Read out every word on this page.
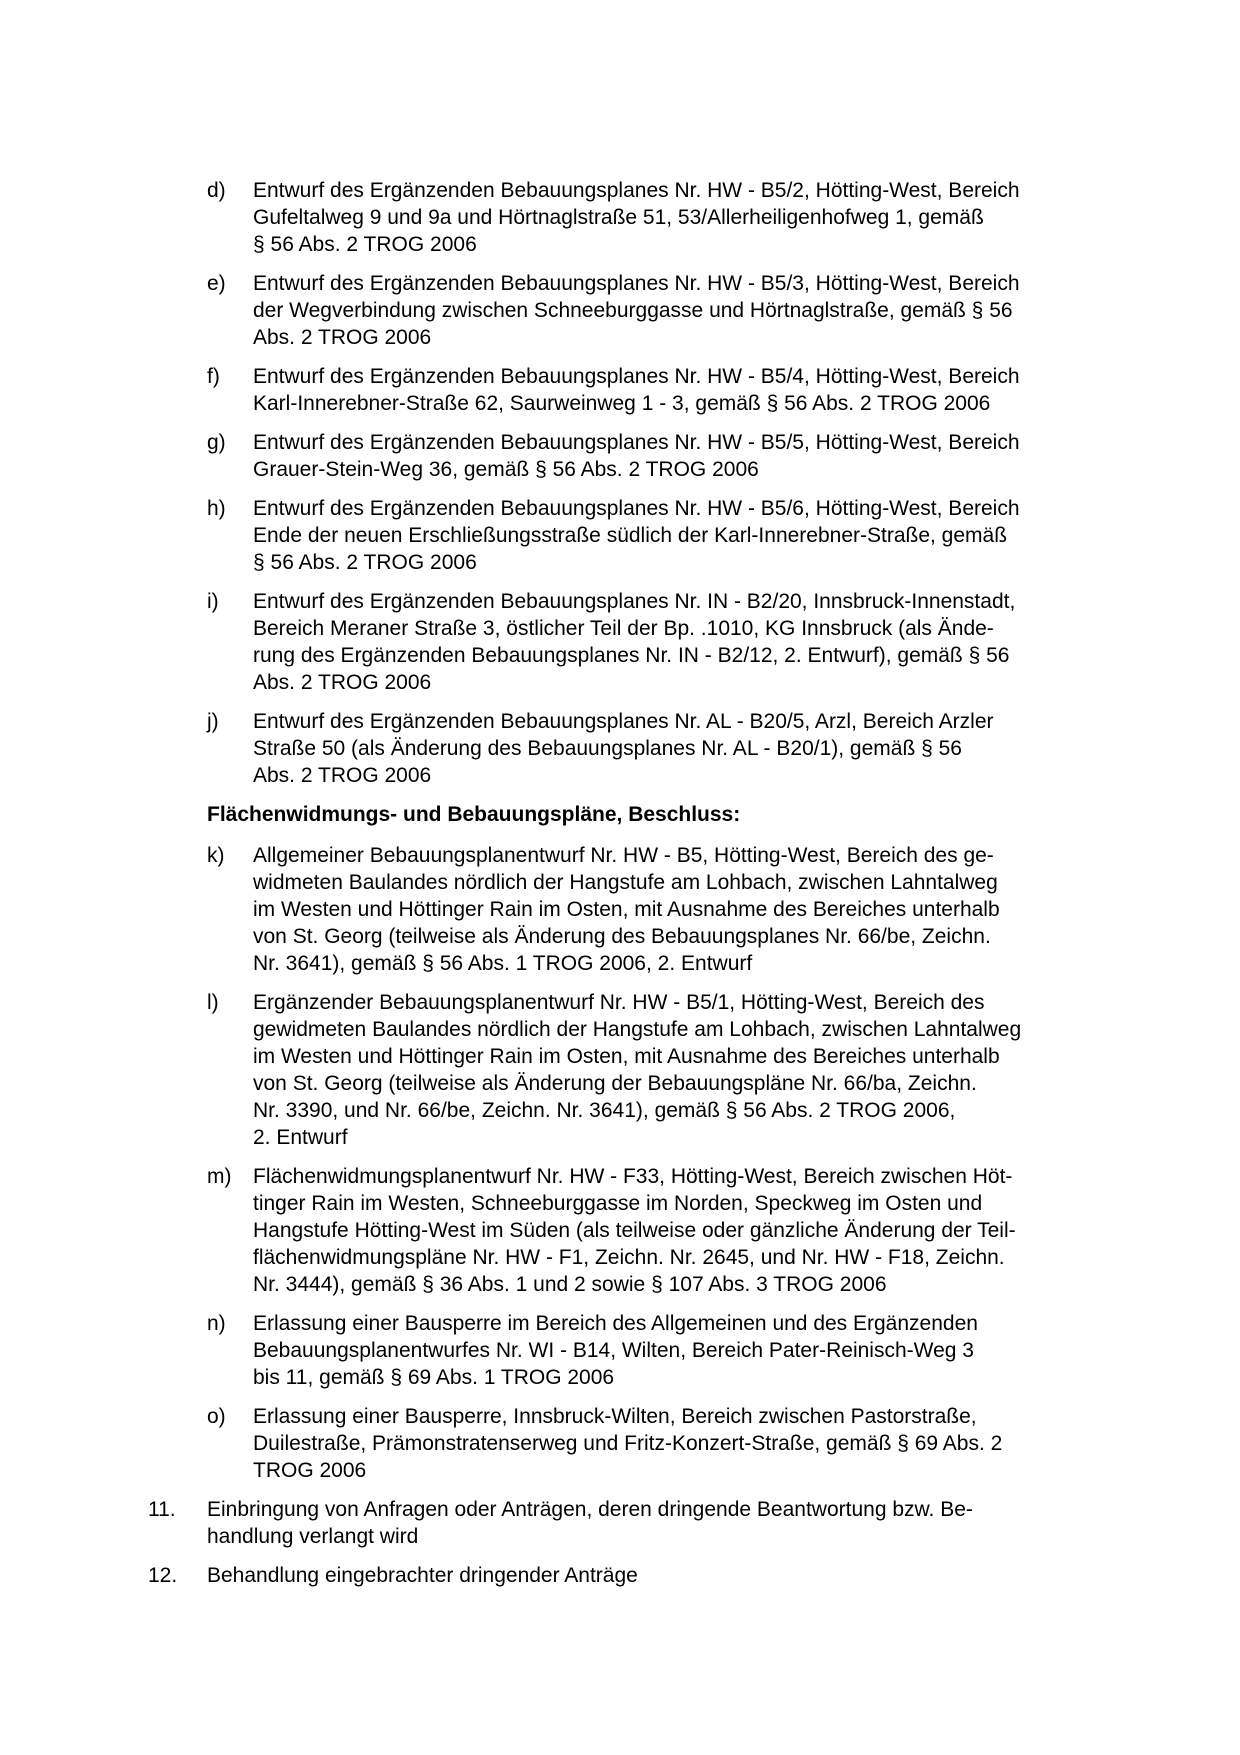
d)	Entwurf des Ergänzenden Bebauungsplanes Nr. HW - B5/2, Hötting-West, Bereich
Gufeltalweg 9 und 9a und Hörtnaglstraße 51, 53/Allerheiligenhofweg 1, gemäß
§ 56 Abs. 2 TROG 2006
e)	Entwurf des Ergänzenden Bebauungsplanes Nr. HW - B5/3, Hötting-West, Bereich
der Wegverbindung zwischen Schneeburggasse und Hörtnaglstraße, gemäß § 56
Abs. 2 TROG 2006
f)	Entwurf des Ergänzenden Bebauungsplanes Nr. HW - B5/4, Hötting-West, Bereich
Karl-Innerebner-Straße 62, Saurweinweg 1 - 3, gemäß § 56 Abs. 2 TROG 2006
g)	Entwurf des Ergänzenden Bebauungsplanes Nr. HW - B5/5, Hötting-West, Bereich
Grauer-Stein-Weg 36, gemäß § 56 Abs. 2 TROG 2006
h)	Entwurf des Ergänzenden Bebauungsplanes Nr. HW - B5/6, Hötting-West, Bereich
Ende der neuen Erschließungsstraße südlich der Karl-Innerebner-Straße, gemäß
§ 56 Abs. 2 TROG 2006
i)	Entwurf des Ergänzenden Bebauungsplanes Nr. IN - B2/20, Innsbruck-Innenstadt,
Bereich Meraner Straße 3, östlicher Teil der Bp. .1010, KG Innsbruck (als Ände-
rung des Ergänzenden Bebauungsplanes Nr. IN - B2/12, 2. Entwurf), gemäß § 56
Abs. 2 TROG 2006
j)	Entwurf des Ergänzenden Bebauungsplanes Nr. AL - B20/5, Arzl, Bereich Arzler
Straße 50 (als Änderung des Bebauungsplanes Nr. AL - B20/1), gemäß § 56
Abs. 2 TROG 2006
Flächenwidmungs- und Bebauungspläne, Beschluss:
k)	Allgemeiner Bebauungsplanentwurf Nr. HW - B5, Hötting-West, Bereich des ge-
widmeten Baulandes nördlich der Hangstufe am Lohbach, zwischen Lahntalweg
im Westen und Höttinger Rain im Osten, mit Ausnahme des Bereiches unterhalb
von St. Georg (teilweise als Änderung des Bebauungsplanes Nr. 66/be, Zeichn.
Nr. 3641), gemäß § 56 Abs. 1 TROG 2006, 2. Entwurf
l)	Ergänzender Bebauungsplanentwurf Nr. HW - B5/1, Hötting-West, Bereich des
gewidmeten Baulandes nördlich der Hangstufe am Lohbach, zwischen Lahntalweg
im Westen und Höttinger Rain im Osten, mit Ausnahme des Bereiches unterhalb
von St. Georg (teilweise als Änderung der Bebauungspläne Nr. 66/ba, Zeichn.
Nr. 3390, und Nr. 66/be, Zeichn. Nr. 3641), gemäß § 56 Abs. 2 TROG 2006,
2. Entwurf
m)	Flächenwidmungsplanentwurf Nr. HW - F33, Hötting-West, Bereich zwischen Höt-
tinger Rain im Westen, Schneeburggasse im Norden, Speckweg im Osten und
Hangstufe Hötting-West im Süden (als teilweise oder gänzliche Änderung der Teil-
flächenwidmungspläne Nr. HW - F1, Zeichn. Nr. 2645, und Nr. HW - F18, Zeichn.
Nr. 3444), gemäß § 36 Abs. 1 und 2 sowie § 107 Abs. 3 TROG 2006
n)	Erlassung einer Bausperre im Bereich des Allgemeinen und des Ergänzenden
Bebauungsplanentwurfes Nr. WI - B14, Wilten, Bereich Pater-Reinisch-Weg 3
bis 11, gemäß § 69 Abs. 1 TROG 2006
o)	Erlassung einer Bausperre, Innsbruck-Wilten, Bereich zwischen Pastorstraße,
Duilestraße, Prämonstratenserweg und Fritz-Konzert-Straße, gemäß § 69 Abs. 2
TROG 2006
11.	Einbringung von Anfragen oder Anträgen, deren dringende Beantwortung bzw. Be-
handlung verlangt wird
12.	Behandlung eingebrachter dringender Anträge
